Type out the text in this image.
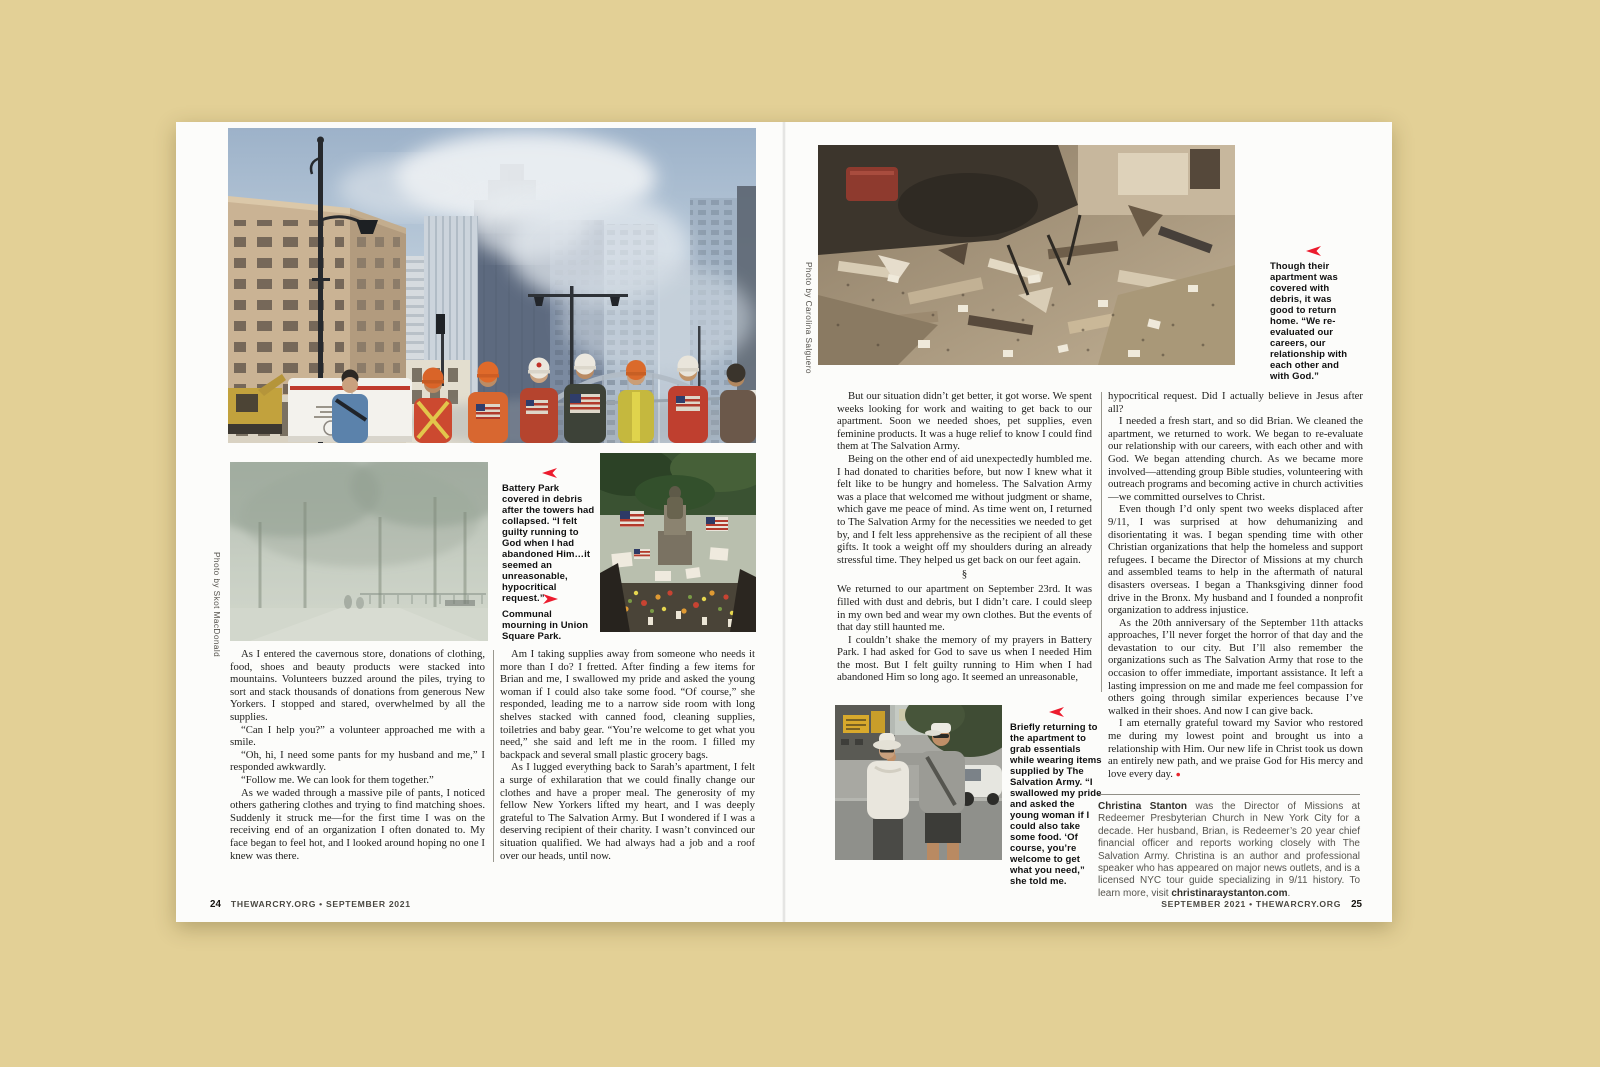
Photo by Skot MacDonald
Battery Park covered in debris after the towers had collapsed. “I felt guilty running to God when I had abandoned Him…it seemed an unreasonable, hypocritical request.”
Communal mourning in Union Square Park.

As I entered the cavernous store, donations of clothing, food, shoes and beauty products were stacked into mountains. Volunteers buzzed around the piles, trying to sort and stack thousands of donations from generous New Yorkers. I stopped and stared, overwhelmed by all the supplies.

“Can I help you?” a volunteer approached me with a smile.

“Oh, hi, I need some pants for my husband and me,” I responded awkwardly.

“Follow me. We can look for them together.”

As we waded through a massive pile of pants, I noticed others gathering clothes and trying to find matching shoes. Suddenly it struck me—for the first time I was on the receiving end of an organization I often donated to. My face began to feel hot, and I looked around hoping no one I knew was there.

Am I taking supplies away from someone who needs it more than I do? I fretted. After finding a few items for Brian and me, I swallowed my pride and asked the young woman if I could also take some food. “Of course,” she responded, leading me to a narrow side room with long shelves stacked with canned food, cleaning supplies, toiletries and baby gear. “You’re welcome to get what you need,” she said and left me in the room. I filled my backpack and several small plastic grocery bags.

As I lugged everything back to Sarah’s apartment, I felt a surge of exhilaration that we could finally change our clothes and have a proper meal. The generosity of my fellow New Yorkers lifted my heart, and I was deeply grateful to The Salvation Army. But I wondered if I was a deserving recipient of their charity. I wasn’t convinced our situation qualified. We had always had a job and a roof over our heads, until now.

24 THEWARCRY.ORG • SEPTEMBER 2021
Photo by Carolina Salguero	Though their apartment was covered with debris, it was good to return home. “We re-evaluated our careers, our relationship with each other and with God.”

But our situation didn’t get better, it got worse. We spent weeks looking for work and waiting to get back to our apartment. Soon we needed shoes, pet supplies, even feminine products. It was a huge relief to know I could find them at The Salvation Army.

Being on the other end of aid unexpectedly humbled me. I had donated to charities before, but now I knew what it felt like to be hungry and homeless. The Salvation Army was a place that welcomed me without judgment or shame, which gave me peace of mind. As time went on, I returned to The Salvation Army for the necessities we needed to get by, and I felt less apprehensive as the recipient of all these gifts. It took a weight off my shoulders during an already stressful time. They helped us get back on our feet again.

§

We returned to our apartment on September 23rd. It was filled with dust and debris, but I didn’t care. I could sleep in my own bed and wear my own clothes. But the events of that day still haunted me.

I couldn’t shake the memory of my prayers in Battery Park. I had asked for God to save us when I needed Him the most. But I felt guilty running to Him when I had abandoned Him so long ago. It seemed an unreasonable,

hypocritical request. Did I actually believe in Jesus after all?

I needed a fresh start, and so did Brian. We cleaned the apartment, we returned to work. We began to re-evaluate our relationship with our careers, with each other and with God. We began attending church. As we became more involved—attending group Bible studies, volunteering with outreach programs and becoming active in church activities—we committed ourselves to Christ.

Even though I’d only spent two weeks displaced after 9/11, I was surprised at how dehumanizing and disorientating it was. I began spending time with other Christian organizations that help the homeless and support refugees. I became the Director of Missions at my church and assembled teams to help in the aftermath of natural disasters overseas. I began a Thanksgiving dinner food drive in the Bronx. My husband and I founded a nonprofit organization to address injustice.

As the 20th anniversary of the September 11th attacks approaches, I’ll never forget the horror of that day and the devastation to our city. But I’ll also remember the organizations such as The Salvation Army that rose to the occasion to offer immediate, important assistance. It left a lasting impression on me and made me feel compassion for others going through similar experiences because I’ve walked in their shoes. And now I can give back.

I am eternally grateful toward my Savior who restored me during my lowest point and brought us into a relationship with Him. Our new life in Christ took us down an entirely new path, and we praise God for His mercy and love every day. ●

Briefly returning to the apartment to grab essentials while wearing items supplied by The Salvation Army. “I swallowed my pride and asked the young woman if I could also take some food. ‘Of course, you’re welcome to get what you need,” she told me.

Christina Stanton was the Director of Missions at Redeemer Presbyterian Church in New York City for a decade. Her husband, Brian, is Redeemer’s 20 year chief financial officer and reports working closely with The Salvation Army. Christina is an author and professional speaker who has appeared on major news outlets, and is a licensed NYC tour guide specializing in 9/11 history. To learn more, visit christinaraystanton.com.

SEPTEMBER 2021 • THEWARCRY.ORG 25
